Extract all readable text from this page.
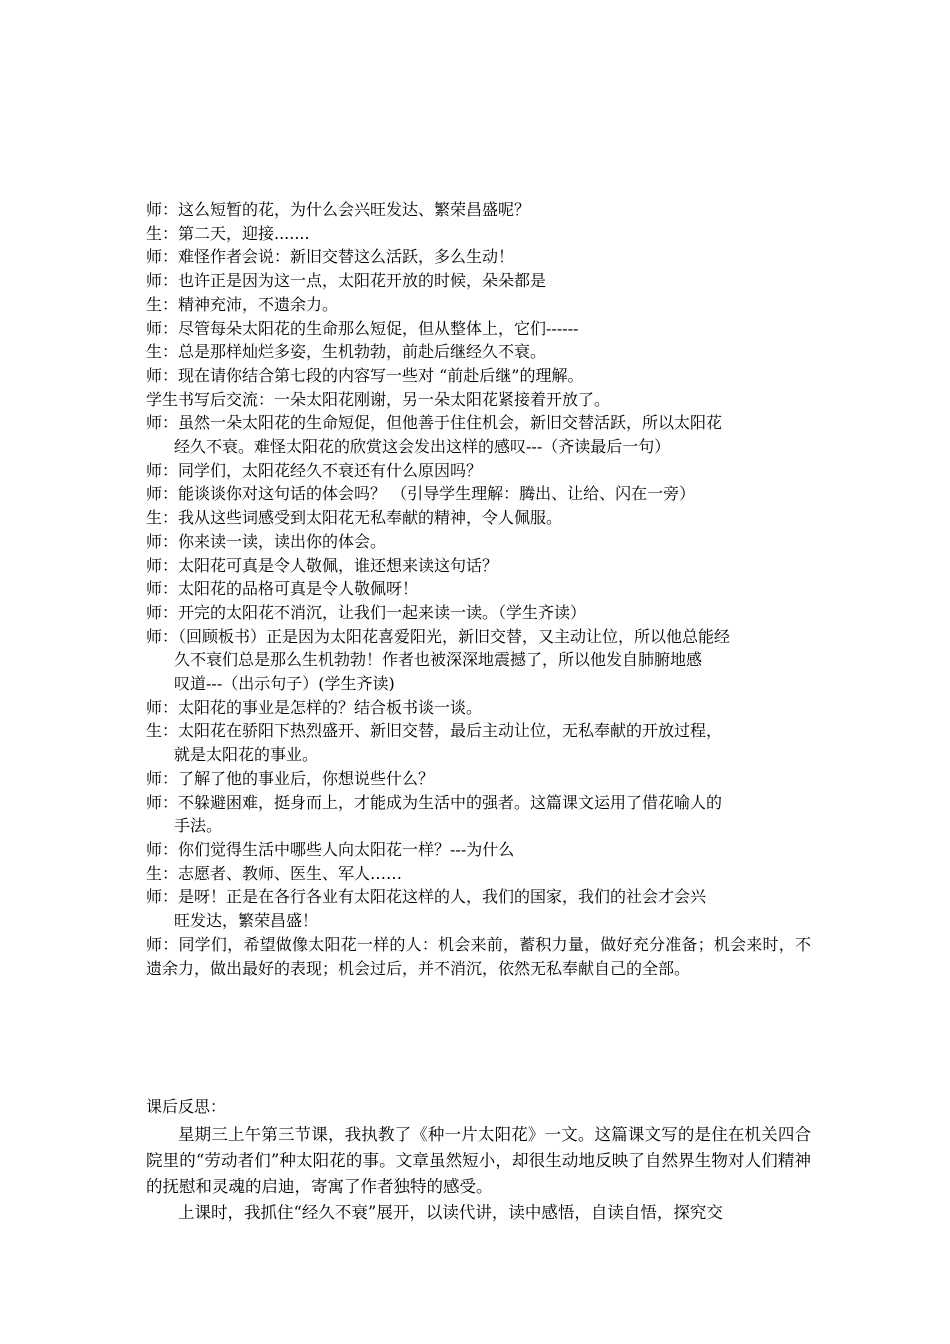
师：这么短暂的花，为什么会兴旺发达、繁荣昌盛呢？
生：第二天，迎接.......
师：难怪作者会说：新旧交替这么活跃，多么生动！
师：也许正是因为这一点，太阳花开放的时候，朵朵都是
生：精神充沛，不遗余力。
师：尽管每朵太阳花的生命那么短促，但从整体上，它们------
生：总是那样灿烂多姿，生机勃勃，前赴后继经久不衰。
师：现在请你结合第七段的内容写一些对 “前赴后继”的理解。
学生书写后交流：一朵太阳花刚谢，另一朵太阳花紧接着开放了。
师：虽然一朵太阳花的生命短促，但他善于住住机会，新旧交替活跃，所以太阳花
经久不衰。难怪太阳花的欣赏这会发出这样的感叹---（齐读最后一句）
师：同学们，太阳花经久不衰还有什么原因吗？
师：能谈谈你对这句话的体会吗？ （引导学生理解：腾出、让给、闪在一旁）
生：我从这些词感受到太阳花无私奉献的精神，令人佩服。
师：你来读一读，读出你的体会。
师：太阳花可真是令人敬佩，谁还想来读这句话？
师：太阳花的品格可真是令人敬佩呀！
师：开完的太阳花不消沉，让我们一起来读一读。（学生齐读）
师：（回顾板书）正是因为太阳花喜爱阳光，新旧交替，又主动让位，所以他总能经
久不衰们总是那么生机勃勃！作者也被深深地震撼了，所以他发自肺腑地感
叹道---（出示句子）(学生齐读)
师：太阳花的事业是怎样的？结合板书谈一谈。
生：太阳花在骄阳下热烈盛开、新旧交替，最后主动让位，无私奉献的开放过程，
就是太阳花的事业。
师：了解了他的事业后，你想说些什么？
师：不躲避困难，挺身而上，才能成为生活中的强者。这篇课文运用了借花喻人的
手法。
师：你们觉得生活中哪些人向太阳花一样？---为什么
生：志愿者、教师、医生、军人……
师：是呀！正是在各行各业有太阳花这样的人，我们的国家，我们的社会才会兴
旺发达，繁荣昌盛！
师：同学们，希望做像太阳花一样的人：机会来前，蓄积力量，做好充分准备；机会来时，不遗余力，做出最好的表现；机会过后，并不消沉，依然无私奉献自己的全部。
课后反思：
星期三上午第三节课，我执教了《种一片太阳花》一文。这篇课文写的是住在机关四合院里的“劳动者们”种太阳花的事。文章虽然短小，却很生动地反映了自然界生物对人们精神的抚慰和灵魂的启迪，寄寓了作者独特的感受。
上课时，我抓住“经久不衰”展开，以读代讲，读中感悟，自读自悟，探究交
